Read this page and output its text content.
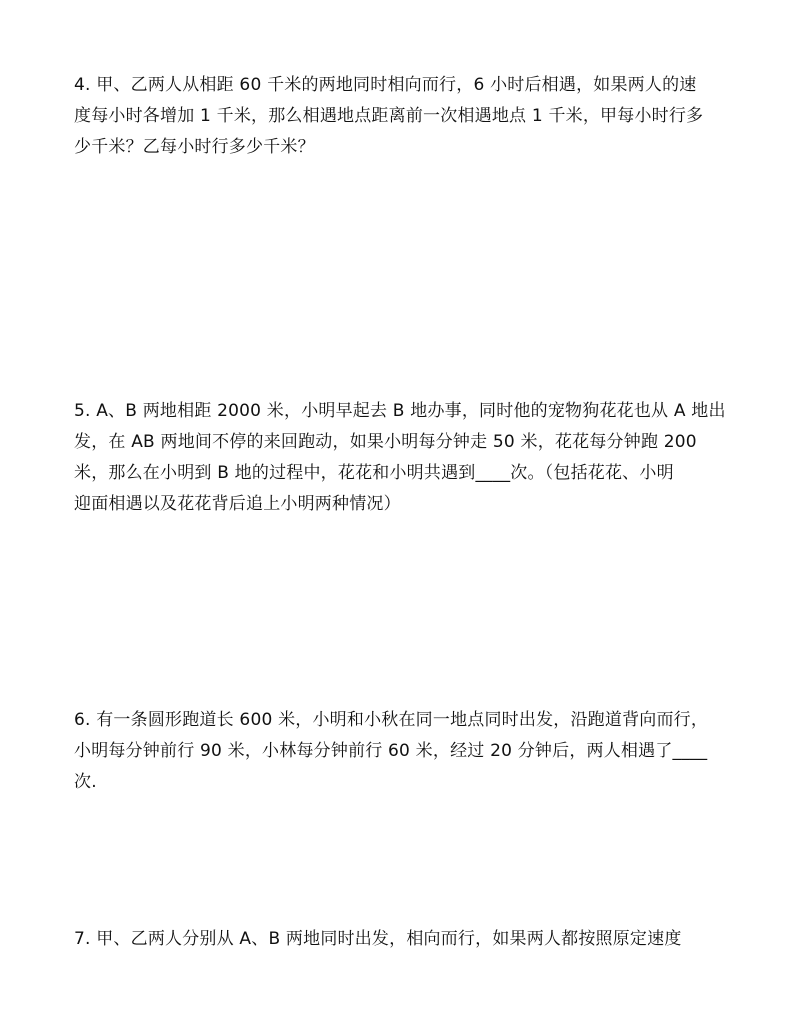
4. 甲、乙两人从相距 60 千米的两地同时相向而行，6 小时后相遇，如果两人的速
度每小时各增加 1 千米，那么相遇地点距离前一次相遇地点 1 千米，甲每小时行多
少千米？乙每小时行多少千米？
5. A、B 两地相距 2000 米，小明早起去 B 地办事，同时他的宠物狗花花也从 A 地出
发，在 AB 两地间不停的来回跑动，如果小明每分钟走 50 米，花花每分钟跑 200
米，那么在小明到 B 地的过程中，花花和小明共遇到____次。（包括花花、小明
迎面相遇以及花花背后追上小明两种情况）
6. 有一条圆形跑道长 600 米，小明和小秋在同一地点同时出发，沿跑道背向而行，
小明每分钟前行 90 米，小林每分钟前行 60 米，经过 20 分钟后，两人相遇了____
次.
7. 甲、乙两人分别从 A、B 两地同时出发，相向而行，如果两人都按照原定速度
